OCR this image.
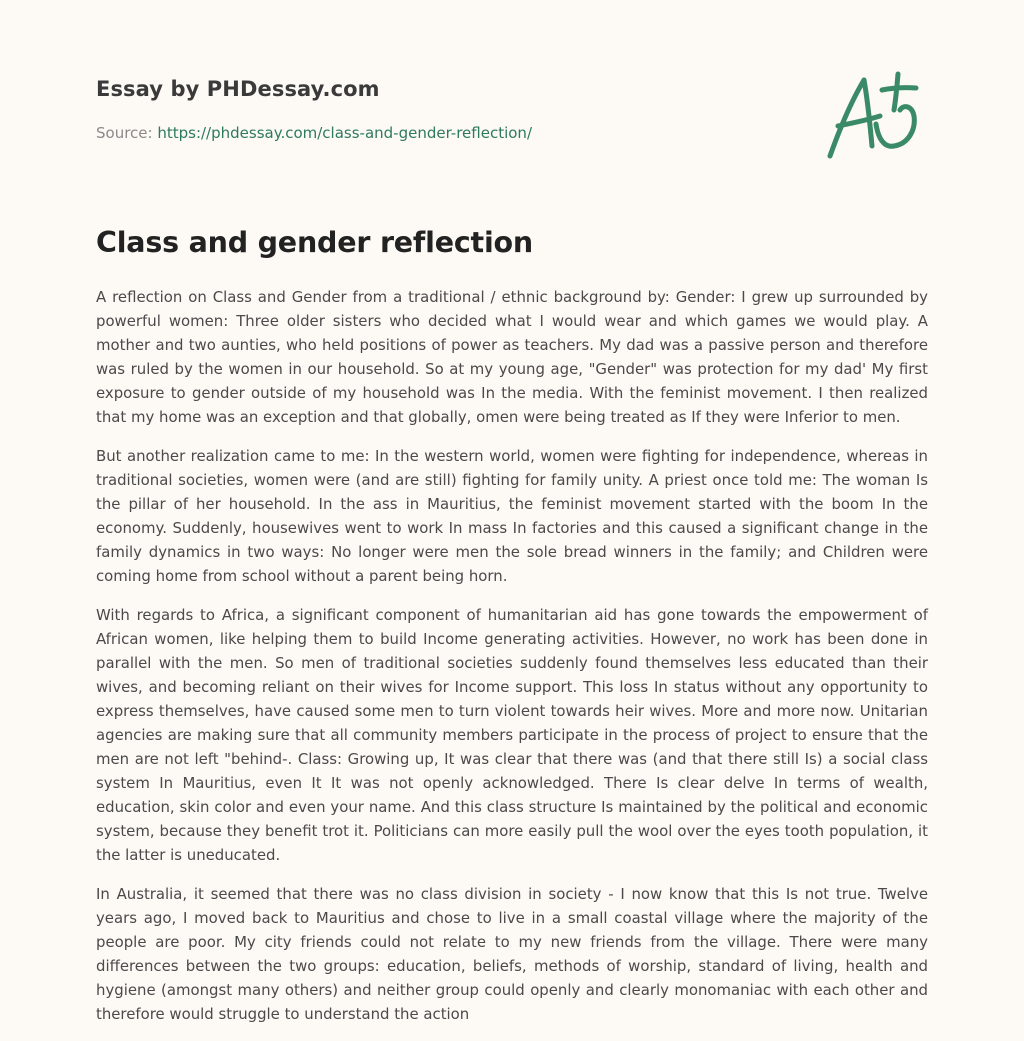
Essay by PHDessay.com
Source: https://phdessay.com/class-and-gender-reflection/
Class and gender reflection

A reflection on Class and Gender from a traditional / ethnic background by: Gender: I grew up surrounded by powerful women: Three older sisters who decided what I would wear and which games we would play. A mother and two aunties, who held positions of power as teachers. My dad was a passive person and therefore was ruled by the women in our household. So at my young age, "Gender" was protection for my dad' My first exposure to gender outside of my household was In the media. With the feminist movement. I then realized that my home was an exception and that globally, omen were being treated as If they were Inferior to men.

But another realization came to me: In the western world, women were fighting for independence, whereas in traditional societies, women were (and are still) fighting for family unity. A priest once told me: The woman Is the pillar of her household. In the ass in Mauritius, the feminist movement started with the boom In the economy. Suddenly, housewives went to work In mass In factories and this caused a significant change in the family dynamics in two ways: No longer were men the sole bread winners in the family; and Children were coming home from school without a parent being horn.

With regards to Africa, a significant component of humanitarian aid has gone towards the empowerment of African women, like helping them to build Income generating activities. However, no work has been done in parallel with the men. So men of traditional societies suddenly found themselves less educated than their wives, and becoming reliant on their wives for Income support. This loss In status without any opportunity to express themselves, have caused some men to turn violent towards heir wives. More and more now. Unitarian agencies are making sure that all community members participate in the process of project to ensure that the men are not left "behind-. Class: Growing up, It was clear that there was (and that there still Is) a social class system In Mauritius, even It It was not openly acknowledged. There Is clear delve In terms of wealth, education, skin color and even your name. And this class structure Is maintained by the political and economic system, because they benefit trot it. Politicians can more easily pull the wool over the eyes tooth population, it the latter is uneducated.

In Australia, it seemed that there was no class division in society - I now know that this Is not true. Twelve years ago, I moved back to Mauritius and chose to live in a small coastal village where the majority of the people are poor. My city friends could not relate to my new friends from the village. There were many differences between the two groups: education, beliefs, methods of worship, standard of living, health and hygiene (amongst many others) and neither group could openly and clearly monomaniac with each other and therefore would struggle to understand the action
